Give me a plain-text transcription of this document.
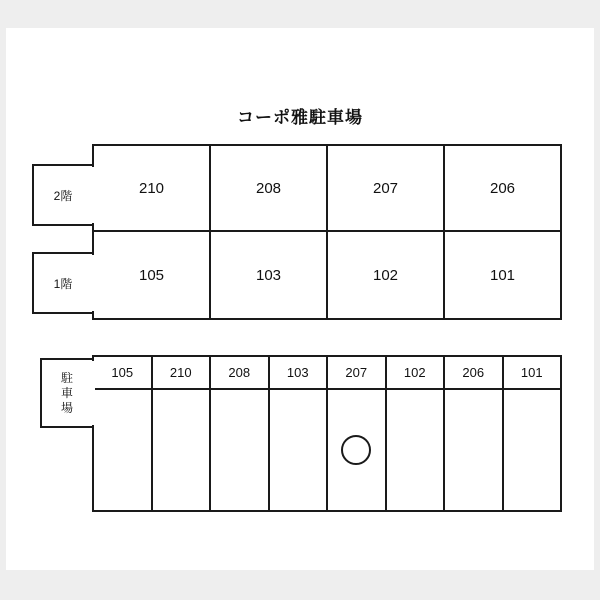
コーポ雅駐車場
210	208	207	206
105	103	102	101
2階
1階
105	210	208	103	207	102	206	101
駐
車
場
